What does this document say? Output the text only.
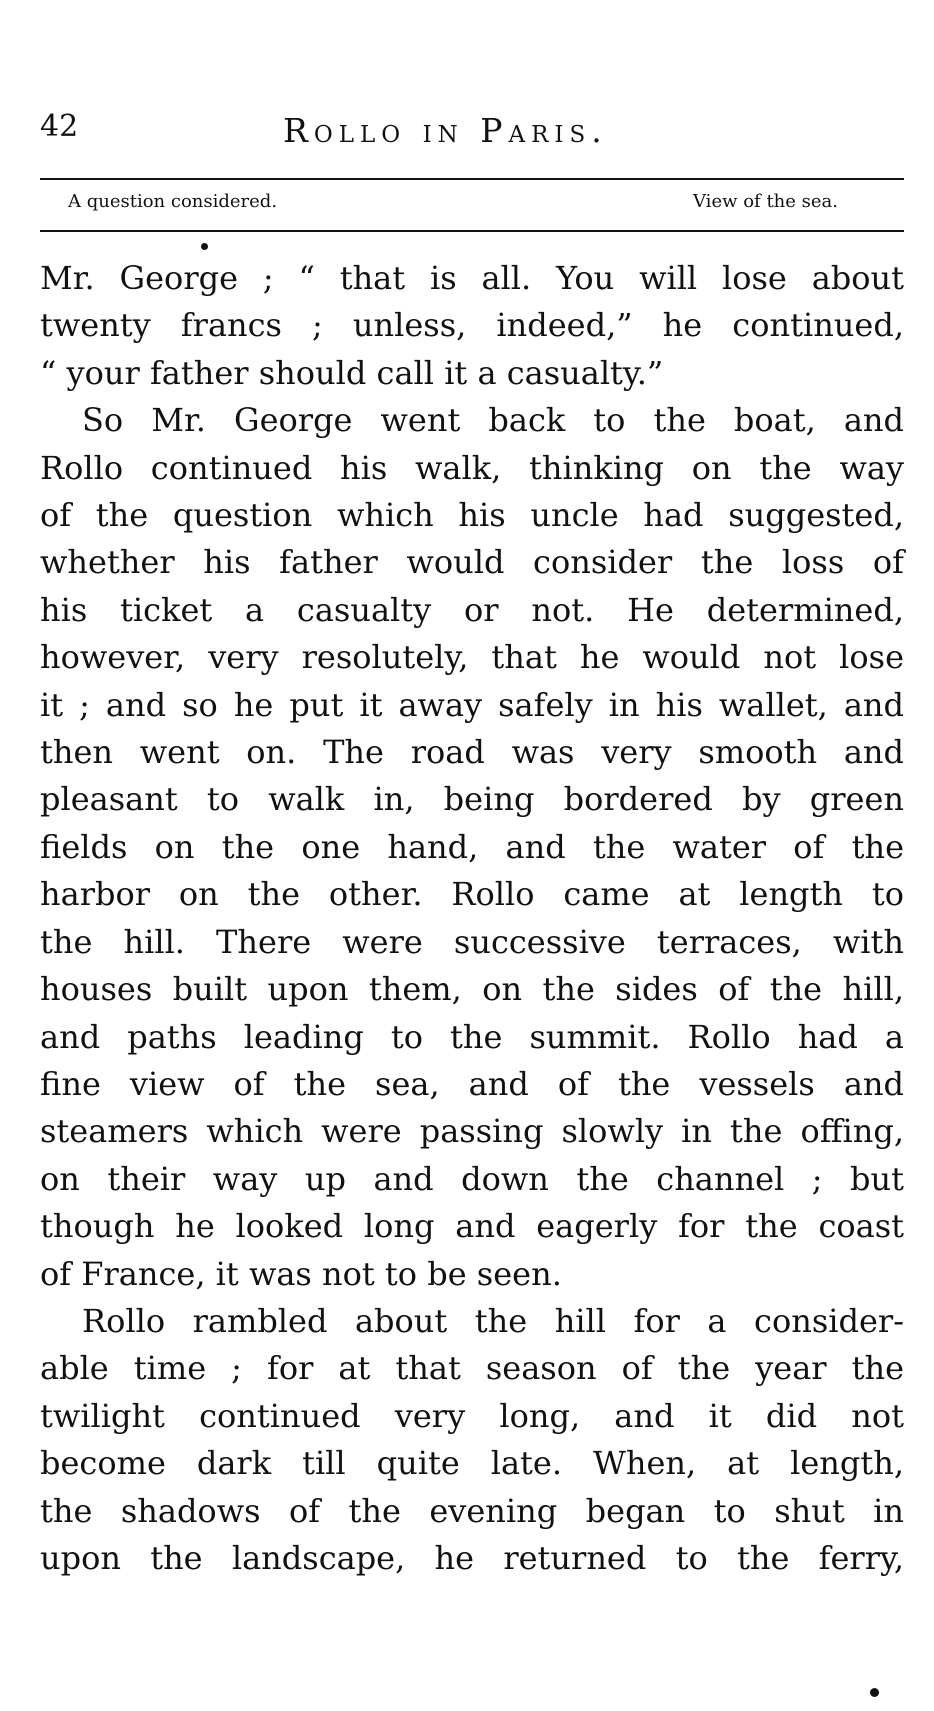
42	Rollo in Paris.
A question considered.	View of the sea.
Mr. George ; “ that is all. You will lose about
twenty francs ; unless, indeed,” he continued,
“ your father should call it a casualty.”
So Mr. George went back to the boat, and
Rollo continued his walk, thinking on the way
of the question which his uncle had suggested,
whether his father would consider the loss of
his ticket a casualty or not. He determined,
however, very resolutely, that he would not lose
it ; and so he put it away safely in his wallet, and
then went on. The road was very smooth and
pleasant to walk in, being bordered by green
fields on the one hand, and the water of the
harbor on the other. Rollo came at length to
the hill. There were successive terraces, with
houses built upon them, on the sides of the hill,
and paths leading to the summit. Rollo had a
fine view of the sea, and of the vessels and
steamers which were passing slowly in the offing,
on their way up and down the channel ; but
though he looked long and eagerly for the coast
of France, it was not to be seen.
Rollo rambled about the hill for a consider-
able time ; for at that season of the year the
twilight continued very long, and it did not
become dark till quite late. When, at length,
the shadows of the evening began to shut in
upon the landscape, he returned to the ferry,
